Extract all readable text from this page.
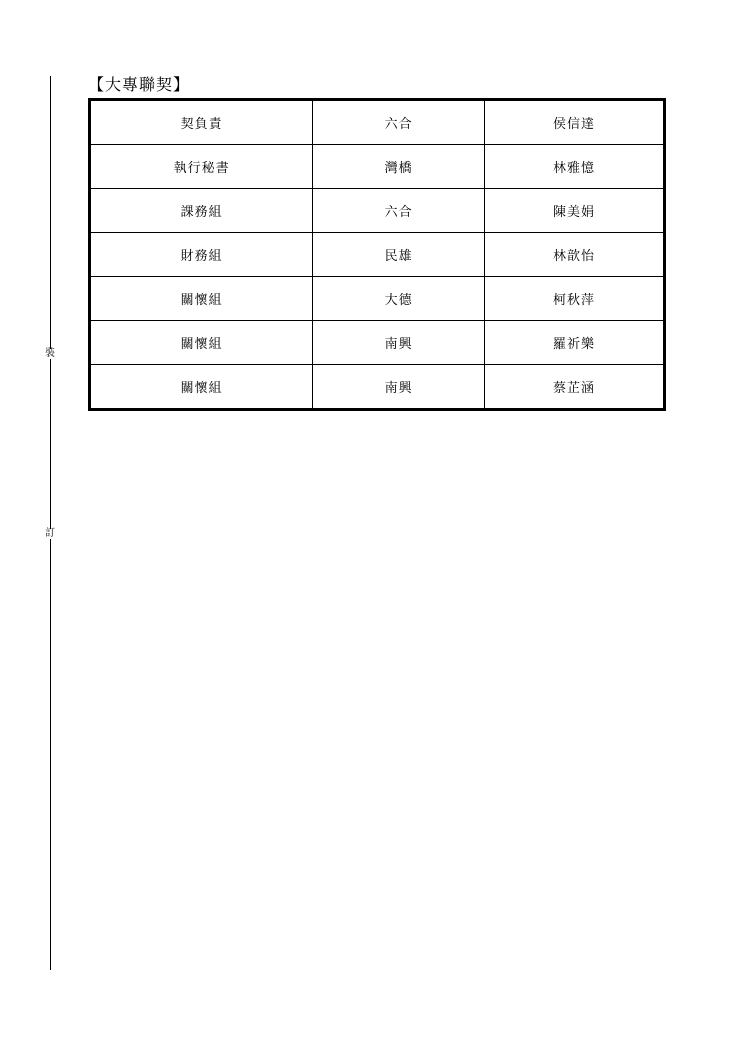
裝
訂
【大專聯契】
契負責	六合	侯信達
執行秘書	灣橋	林雅憶
課務組	六合	陳美娟
財務組	民雄	林歆怡
關懷組	大德	柯秋萍
關懷組	南興	羅祈樂
關懷組	南興	蔡芷涵
